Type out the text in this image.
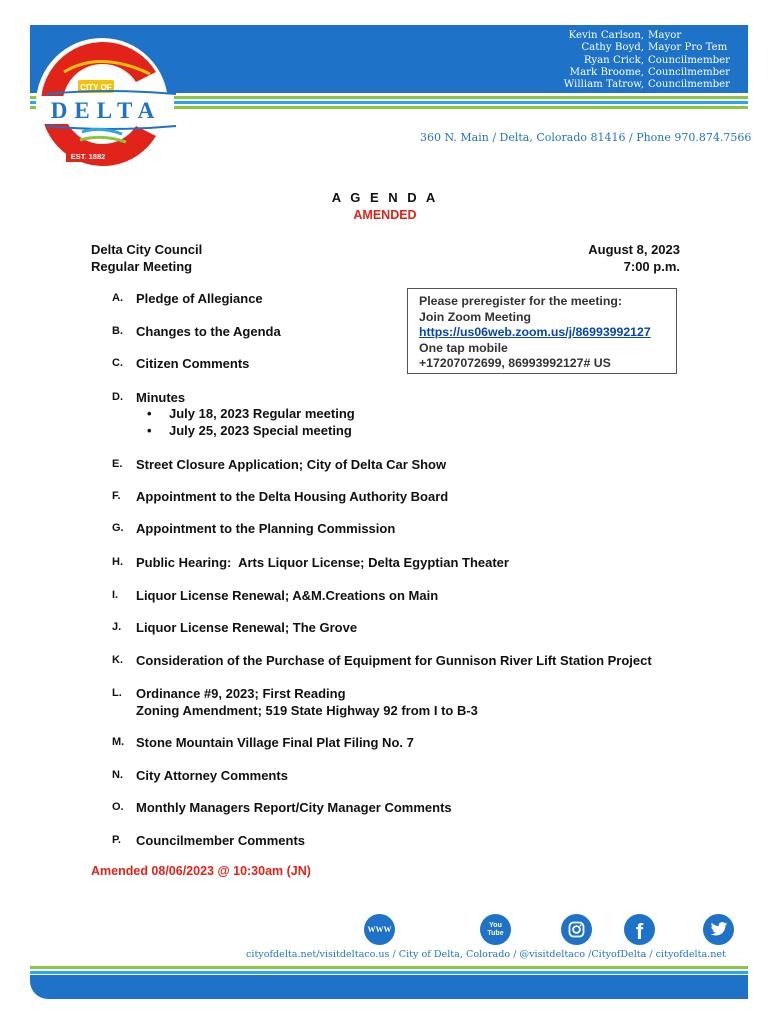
Kevin Carlson, Mayor
Cathy Boyd, Mayor Pro Tem
Ryan Crick, Councilmember
Mark Broome, Councilmember
William Tatrow, Councilmember
360 N. Main / Delta, Colorado 81416 / Phone 970.874.7566
CITY OF
DELTA
EST. 1882
A G E N D A
AMENDED
Delta City Council
Regular Meeting
August 8, 2023
7:00 p.m.
Please preregister for the meeting:
Join Zoom Meeting
https://us06web.zoom.us/j/86993992127
One tap mobile
+17207072699, 86993992127# US
A.	Pledge of Allegiance
B.	Changes to the Agenda
C.	Citizen Comments
D.	Minutes
•	July 18, 2023 Regular meeting
•	July 25, 2023 Special meeting
E.	Street Closure Application; City of Delta Car Show
F.	Appointment to the Delta Housing Authority Board
G. Appointment to the Planning Commission
H.	Public Hearing:  Arts Liquor License; Delta Egyptian Theater
I.	Liquor License Renewal; A&M.Creations on Main
J.	Liquor License Renewal; The Grove
K.	Consideration of the Purchase of Equipment for Gunnison River Lift Station Project
L.	Ordinance #9, 2023; First Reading
Zoning Amendment; 519 State Highway 92 from I to B-3
M. Stone Mountain Village Final Plat Filing No. 7
N.	City Attorney Comments
O. Monthly Managers Report/City Manager Comments
P.	Councilmember Comments
Amended 08/06/2023 @ 10:30am (JN)
WWW	You Tube	f
cityofdelta.net/visitdeltaco.us / City of Delta, Colorado / @visitdeltaco /CityofDelta / cityofdelta.net
